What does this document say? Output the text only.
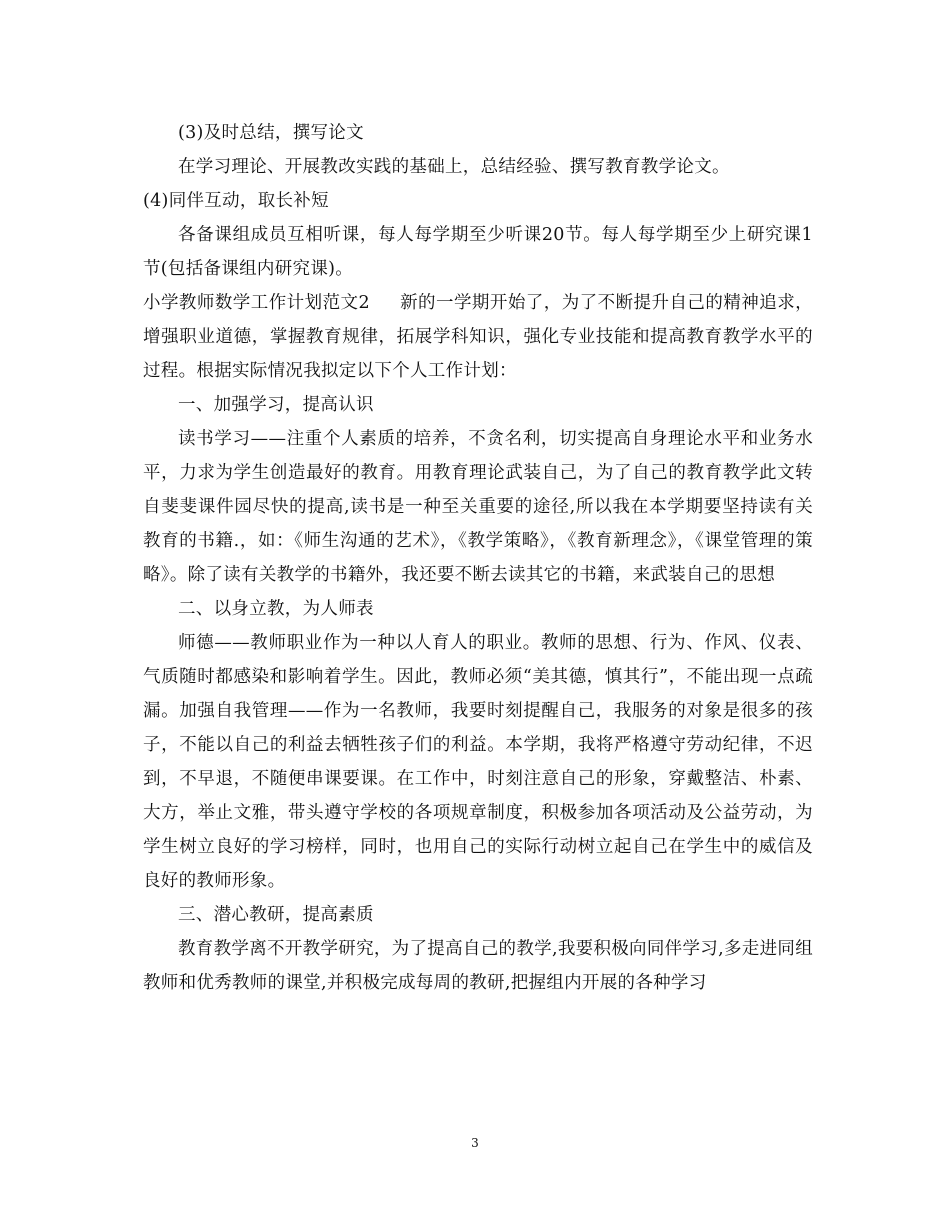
(3)及时总结，撰写论文

在学习理论、开展教改实践的基础上，总结经验、撰写教育教学论文。

(4)同伴互动，取长补短

各备课组成员互相听课，每人每学期至少听课20节。每人每学期至少上研究课1节(包括备课组内研究课)。

小学教师数学工作计划范文2 新的一学期开始了，为了不断提升自己的精神追求，增强职业道德，掌握教育规律，拓展学科知识，强化专业技能和提高教育教学水平的过程。根据实际情况我拟定以下个人工作计划：

一、加强学习，提高认识

读书学习——注重个人素质的培养，不贪名利，切实提高自身理论水平和业务水平，力求为学生创造最好的教育。用教育理论武装自己，为了自己的教育教学此文转自斐斐课件园尽快的提高,读书是一种至关重要的途径,所以我在本学期要坚持读有关教育的书籍.，如：《师生沟通的艺术》，《教学策略》，《教育新理念》，《课堂管理的策略》。除了读有关教学的书籍外，我还要不断去读其它的书籍，来武装自己的思想

二、以身立教，为人师表

师德——教师职业作为一种以人育人的职业。教师的思想、行为、作风、仪表、气质随时都感染和影响着学生。因此，教师必须“美其德，慎其行”，不能出现一点疏漏。加强自我管理——作为一名教师，我要时刻提醒自己，我服务的对象是很多的孩子，不能以自己的利益去牺牲孩子们的利益。本学期，我将严格遵守劳动纪律，不迟到，不早退，不随便串课要课。在工作中，时刻注意自己的形象，穿戴整洁、朴素、大方，举止文雅，带头遵守学校的各项规章制度，积极参加各项活动及公益劳动，为学生树立良好的学习榜样，同时，也用自己的实际行动树立起自己在学生中的威信及良好的教师形象。

三、潜心教研，提高素质

教育教学离不开教学研究，为了提高自己的教学,我要积极向同伴学习,多走进同组教师和优秀教师的课堂,并积极完成每周的教研,把握组内开展的各种学习

3
